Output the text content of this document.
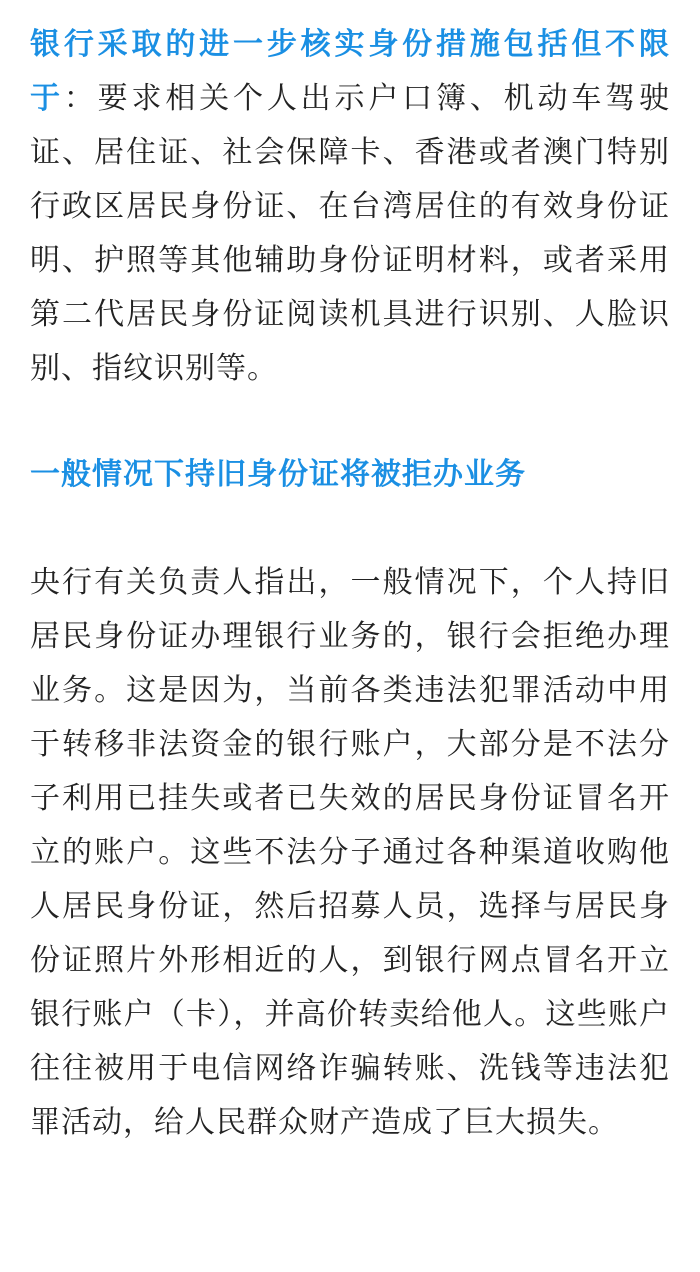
银行采取的进一步核实身份措施包括但不限于：要求相关个人出示户口簿、机动车驾驶证、居住证、社会保障卡、香港或者澳门特别行政区居民身份证、在台湾居住的有效身份证明、护照等其他辅助身份证明材料，或者采用第二代居民身份证阅读机具进行识别、人脸识别、指纹识别等。

一般情况下持旧身份证将被拒办业务

央行有关负责人指出，一般情况下，个人持旧居民身份证办理银行业务的，银行会拒绝办理业务。这是因为，当前各类违法犯罪活动中用于转移非法资金的银行账户，大部分是不法分子利用已挂失或者已失效的居民身份证冒名开立的账户。这些不法分子通过各种渠道收购他人居民身份证，然后招募人员，选择与居民身份证照片外形相近的人，到银行网点冒名开立银行账户（卡），并高价转卖给他人。这些账户往往被用于电信网络诈骗转账、洗钱等违法犯罪活动，给人民群众财产造成了巨大损失。
